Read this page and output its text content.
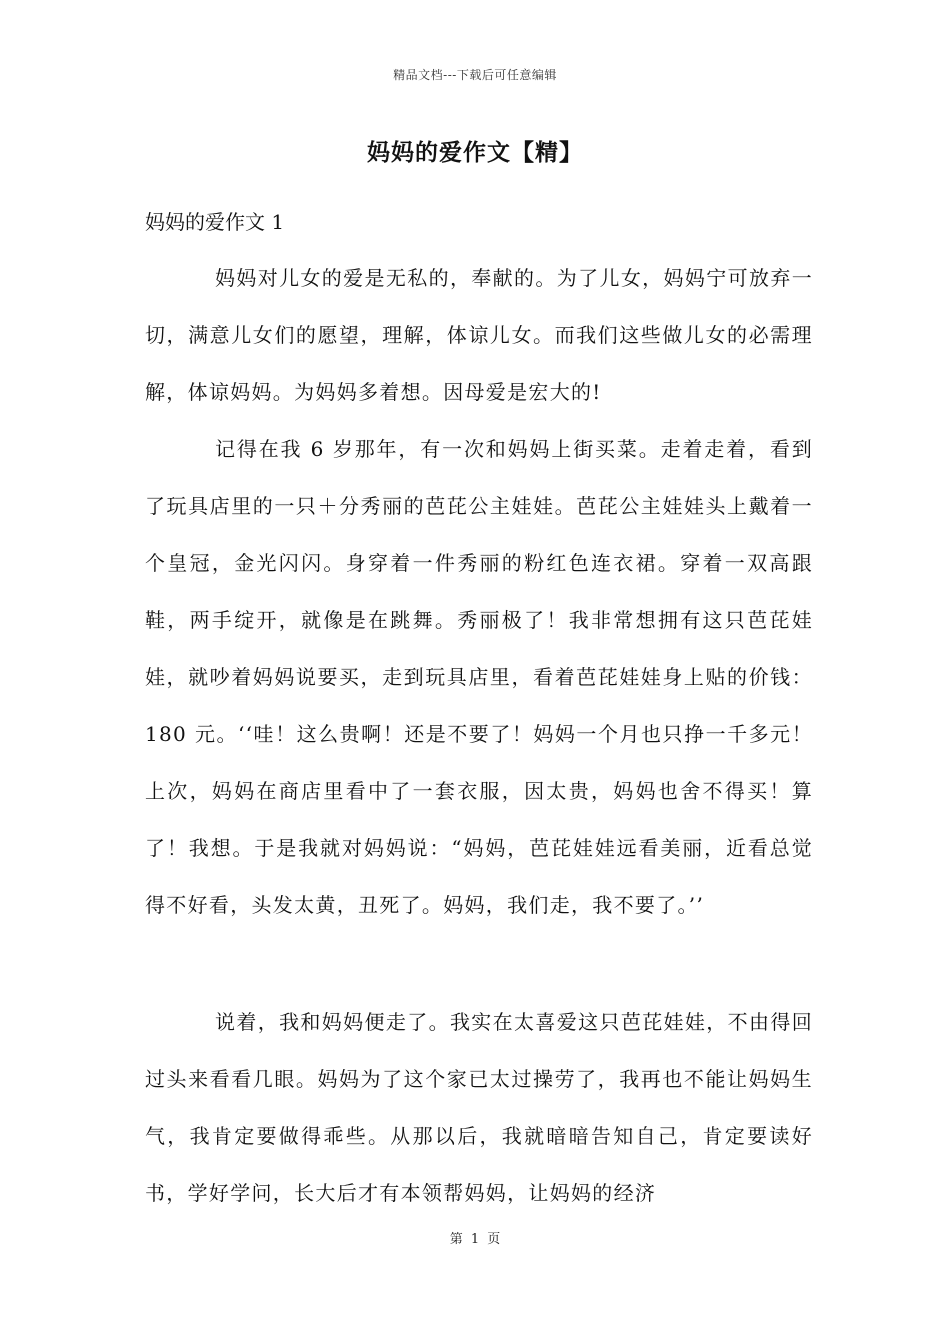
精品文档---下载后可任意编辑
妈妈的爱作文【精】
妈妈的爱作文 1

妈妈对儿女的爱是无私的，奉献的。为了儿女，妈妈宁可放弃一切，满意儿女们的愿望，理解，体谅儿女。而我们这些做儿女的必需理解，体谅妈妈。为妈妈多着想。因母爱是宏大的!

记得在我 6 岁那年，有一次和妈妈上街买菜。走着走着，看到了玩具店里的一只＋分秀丽的芭芘公主娃娃。芭芘公主娃娃头上戴着一个皇冠，金光闪闪。身穿着一件秀丽的粉红色连衣裙。穿着一双高跟鞋，两手绽开，就像是在跳舞。秀丽极了！我非常想拥有这只芭芘娃娃，就吵着妈妈说要买，走到玩具店里，看着芭芘娃娃身上贴的价钱：180 元。‘‘哇！这么贵啊！还是不要了！妈妈一个月也只挣一千多元！上次，妈妈在商店里看中了一套衣服，因太贵，妈妈也舍不得买！算了！我想。于是我就对妈妈说：“妈妈，芭芘娃娃远看美丽，近看总觉得不好看，头发太黄，丑死了。妈妈，我们走，我不要了。’’

说着，我和妈妈便走了。我实在太喜爱这只芭芘娃娃，不由得回过头来看看几眼。妈妈为了这个家已太过操劳了，我再也不能让妈妈生气，我肯定要做得乖些。从那以后，我就暗暗告知自己，肯定要读好书，学好学问，长大后才有本领帮妈妈，让妈妈的经济

第 1 页
